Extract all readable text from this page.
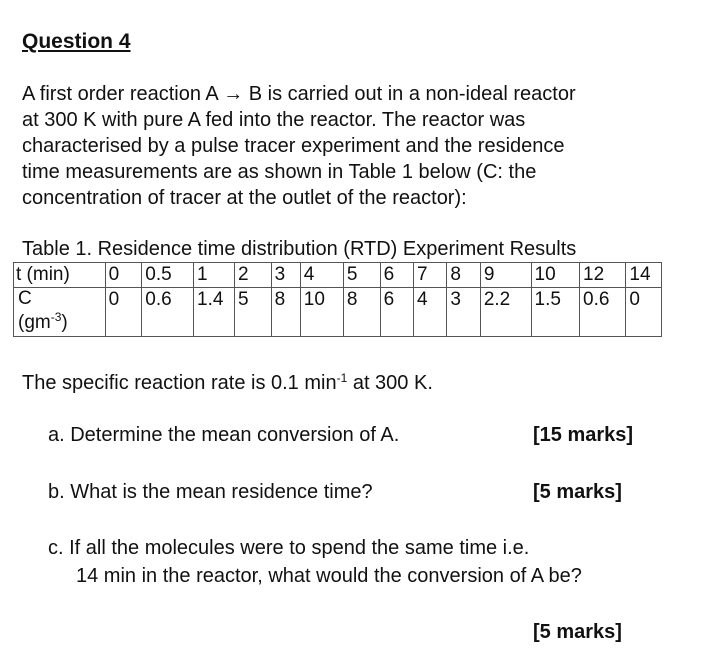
Question 4
A first order reaction A → B is carried out in a non-ideal reactor
at 300 K with pure A fed into the reactor. The reactor was
characterised by a pulse tracer experiment and the residence
time measurements are as shown in Table 1 below (C: the
concentration of tracer at the outlet of the reactor):
Table 1. Residence time distribution (RTD) Experiment Results
t (min)	0	0.5	1	2	3	4	5	6	7	8	9	10	12	14
C
$(gm^{-3})$	0	0.6	1.4	5	8	10	8	6	4	3	2.2	1.5	0.6	0
The specific reaction rate is 0.1 $\min^{-1}$ at 300 K.
a. Determine the mean conversion of A.	[15 marks]
b. What is the mean residence time?	[5 marks]
c. If all the molecules were to spend the same time i.e.
14 min in the reactor, what would the conversion of A be?
[5 marks]
